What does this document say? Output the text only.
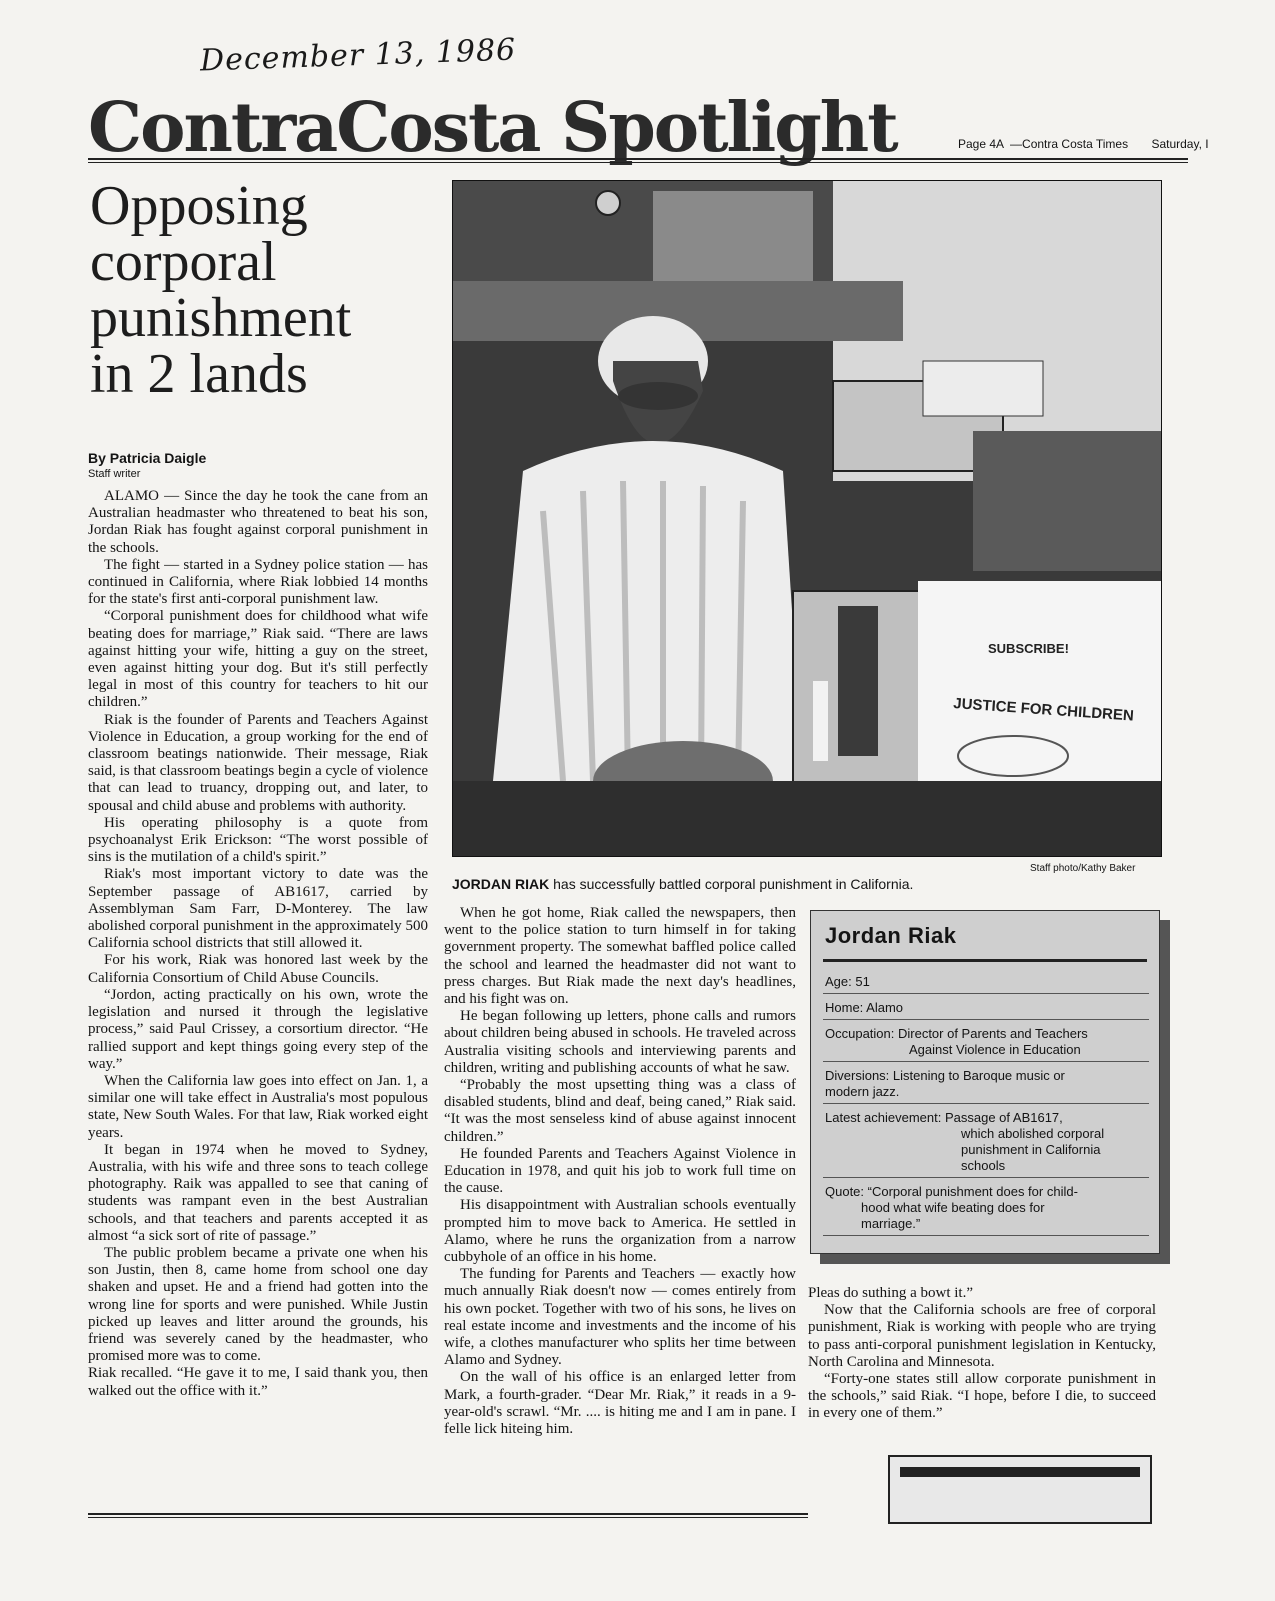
December 13, 1986
ContraCosta Spotlight	Page 4A —Contra Costa Times Saturday, I
Opposing
corporal
punishment
in 2 lands
By Patricia Daigle
Staff writer

ALAMO — Since the day he took the cane from an Australian headmaster who threatened to beat his son, Jordan Riak has fought against corporal punishment in the schools.

The fight — started in a Sydney police station — has continued in California, where Riak lobbied 14 months for the state's first anti-corporal punishment law.

“Corporal punishment does for childhood what wife beating does for marriage,” Riak said. “There are laws against hitting your wife, hitting a guy on the street, even against hitting your dog. But it's still perfectly legal in most of this country for teachers to hit our children.”

Riak is the founder of Parents and Teachers Against Violence in Education, a group working for the end of classroom beatings nationwide. Their message, Riak said, is that classroom beatings begin a cycle of violence that can lead to truancy, dropping out, and later, to spousal and child abuse and problems with authority.

His operating philosophy is a quote from psychoanalyst Erik Erickson: “The worst possible of sins is the mutilation of a child's spirit.”

Riak's most important victory to date was the September passage of AB1617, carried by Assemblyman Sam Farr, D-Monterey. The law abolished corporal punishment in the approximately 500 California school districts that still allowed it.

For his work, Riak was honored last week by the California Consortium of Child Abuse Councils.

“Jordon, acting practically on his own, wrote the legislation and nursed it through the legislative process,” said Paul Crissey, a corsortium director. “He rallied support and kept things going every step of the way.”

When the California law goes into effect on Jan. 1, a similar one will take effect in Australia's most populous state, New South Wales. For that law, Riak worked eight years.

It began in 1974 when he moved to Sydney, Australia, with his wife and three sons to teach college photography. Raik was appalled to see that caning of students was rampant even in the best Australian schools, and that teachers and parents accepted it as almost “a sick sort of rite of passage.”

The public problem became a private one when his son Justin, then 8, came home from school one day shaken and upset. He and a friend had gotten into the wrong line for sports and were punished. While Justin picked up leaves and litter around the grounds, his friend was severely caned by the headmaster, who promised more was to come.

Riak recalled. “He gave it to me, I said thank you, then walked out the office with it.”

SUBSCRIBE!
JUSTICE FOR CHILDREN
Staff photo/Kathy Baker
JORDAN RIAK has successfully battled corporal punishment in California.

When he got home, Riak called the newspapers, then went to the police station to turn himself in for taking government property. The somewhat baffled police called the school and learned the headmaster did not want to press charges. But Riak made the next day's headlines, and his fight was on.

He began following up letters, phone calls and rumors about children being abused in schools. He traveled across Australia visiting schools and interviewing parents and children, writing and publishing accounts of what he saw.

“Probably the most upsetting thing was a class of disabled students, blind and deaf, being caned,” Riak said. “It was the most senseless kind of abuse against innocent children.”

He founded Parents and Teachers Against Violence in Education in 1978, and quit his job to work full time on the cause.

His disappointment with Australian schools eventually prompted him to move back to America. He settled in Alamo, where he runs the organization from a narrow cubbyhole of an office in his home.

The funding for Parents and Teachers — exactly how much annually Riak doesn't now — comes entirely from his own pocket. Together with two of his sons, he lives on real estate income and investments and the income of his wife, a clothes manufacturer who splits her time between Alamo and Sydney.

On the wall of his office is an enlarged letter from Mark, a fourth-grader. “Dear Mr. Riak,” it reads in a 9-year-old's scrawl. “Mr. .... is hiting me and I am in pane. I felle lick hiteing him.

Jordan Riak
Age: 51
Home: Alamo
Occupation: Director of Parents and Teachers
Against Violence in Education
Diversions: Listening to Baroque music or
modern jazz.
Latest achievement: Passage of AB1617,
which abolished corporal
punishment in California
schools
Quote: “Corporal punishment does for child-
hood what wife beating does for
marriage.”

Pleas do suthing a bowt it.”

Now that the California schools are free of corporal punishment, Riak is working with people who are trying to pass anti-corporal punishment legislation in Kentucky, North Carolina and Minnesota.

“Forty-one states still allow corporate punishment in the schools,” said Riak. “I hope, before I die, to succeed in every one of them.”
